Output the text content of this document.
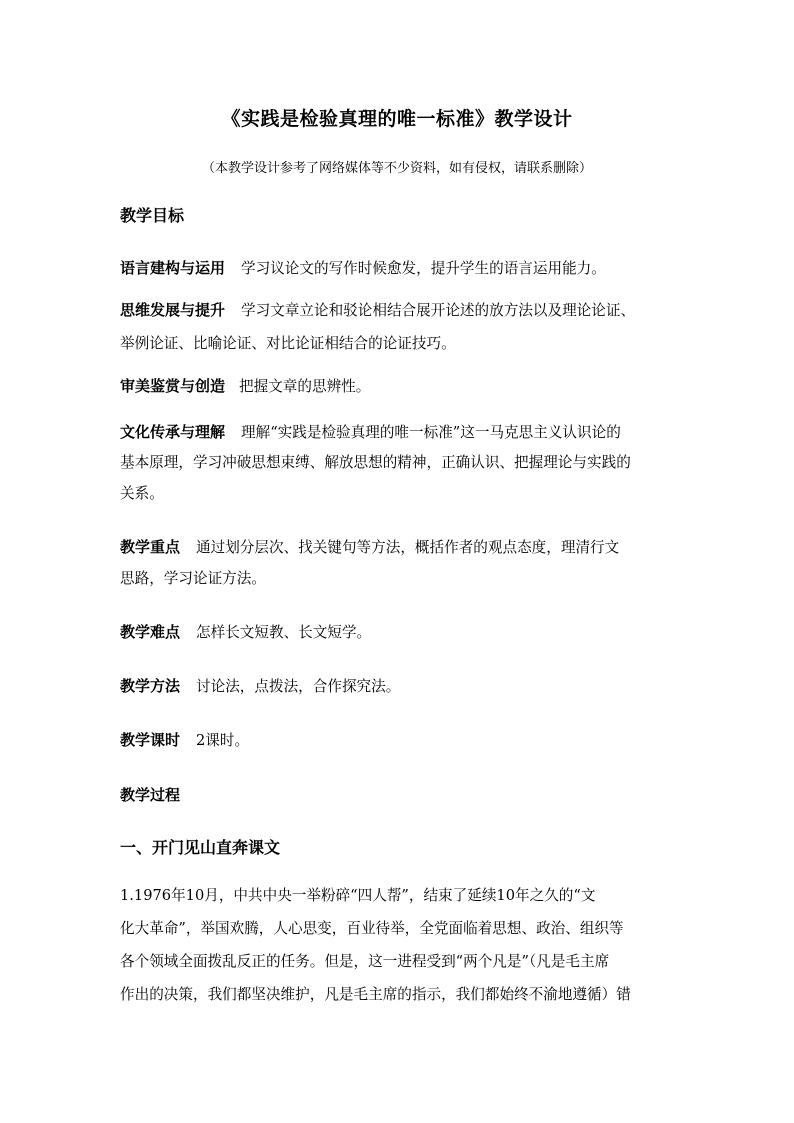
《实践是检验真理的唯一标准》教学设计
（本教学设计参考了网络媒体等不少资料，如有侵权，请联系删除）
教学目标
语言建构与运用 学习议论文的写作时候愈发，提升学生的语言运用能力。
思维发展与提升 学习文章立论和驳论相结合展开论述的放方法以及理论论证、
举例论证、比喻论证、对比论证相结合的论证技巧。
审美鉴赏与创造 把握文章的思辨性。
文化传承与理解 理解“实践是检验真理的唯一标准”这一马克思主义认识论的
基本原理，学习冲破思想束缚、解放思想的精神，正确认识、把握理论与实践的
关系。
教学重点 通过划分层次、找关键句等方法，概括作者的观点态度，理清行文
思路，学习论证方法。
教学难点 怎样长文短教、长文短学。
教学方法 讨论法，点拨法，合作探究法。
教学课时 2课时。
教学过程
一、开门见山直奔课文
1.1976年10月，中共中央一举粉碎“四人帮”，结束了延续10年之久的“文
化大革命”，举国欢腾，人心思变，百业待举，全党面临着思想、政治、组织等
各个领域全面拨乱反正的任务。但是，这一进程受到“两个凡是”（凡是毛主席
作出的决策，我们都坚决维护，凡是毛主席的指示，我们都始终不渝地遵循）错
